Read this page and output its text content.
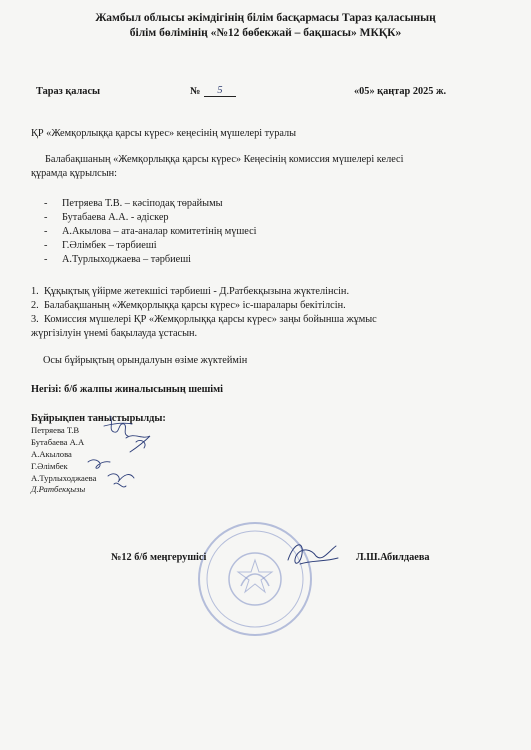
Жамбыл облысы әкімдігінің білім басқармасы Тараз қаласының
білім бөлімінің «№12 бөбекжай – бақшасы» МКҚК»
Тараз қаласы	№	5	«05» қаңтар 2025 ж.
ҚР «Жемқорлыққа қарсы күрес» кеңесінің мүшелері туралы
Балабақшаның «Жемқорлыққа қарсы күрес» Кеңесінің комиссия мүшелері келесі
құрамда құрылсын:
- Петряева Т.В. – кәсіподақ төрайымы
- Бутабаева А.А. - әдіскер
- А.Акылова – ата-аналар комитетінің мүшесі
- Г.Әлімбек – тәрбиеші
- А.Турлыходжаева – тәрбиеші
1. Құқықтық үйірме жетекшісі тәрбиеші - Д.Ратбекқызына жүктелінсін.
2. Балабақшаның «Жемқорлыққа қарсы күрес» іс-шаралары бекітілсін.
3. Комиссия мүшелері ҚР «Жемқорлыққа қарсы күрес» заңы бойынша жұмыс
жүргізілуін үнемі бақылауда ұстасын.
Осы бұйрықтың орындалуын өзіме жүктеймін
Негізі: б/б жалпы жиналысының шешімі
Бұйрықпен таныстырылды:
Петряева Т.В
Бутабаева А.А
А.Акылова
Г.Әлімбек
А.Турлыходжаева
Д.Ратбекқызы
№12 б/б меңгерушісі	Л.Ш.Абилдаева
